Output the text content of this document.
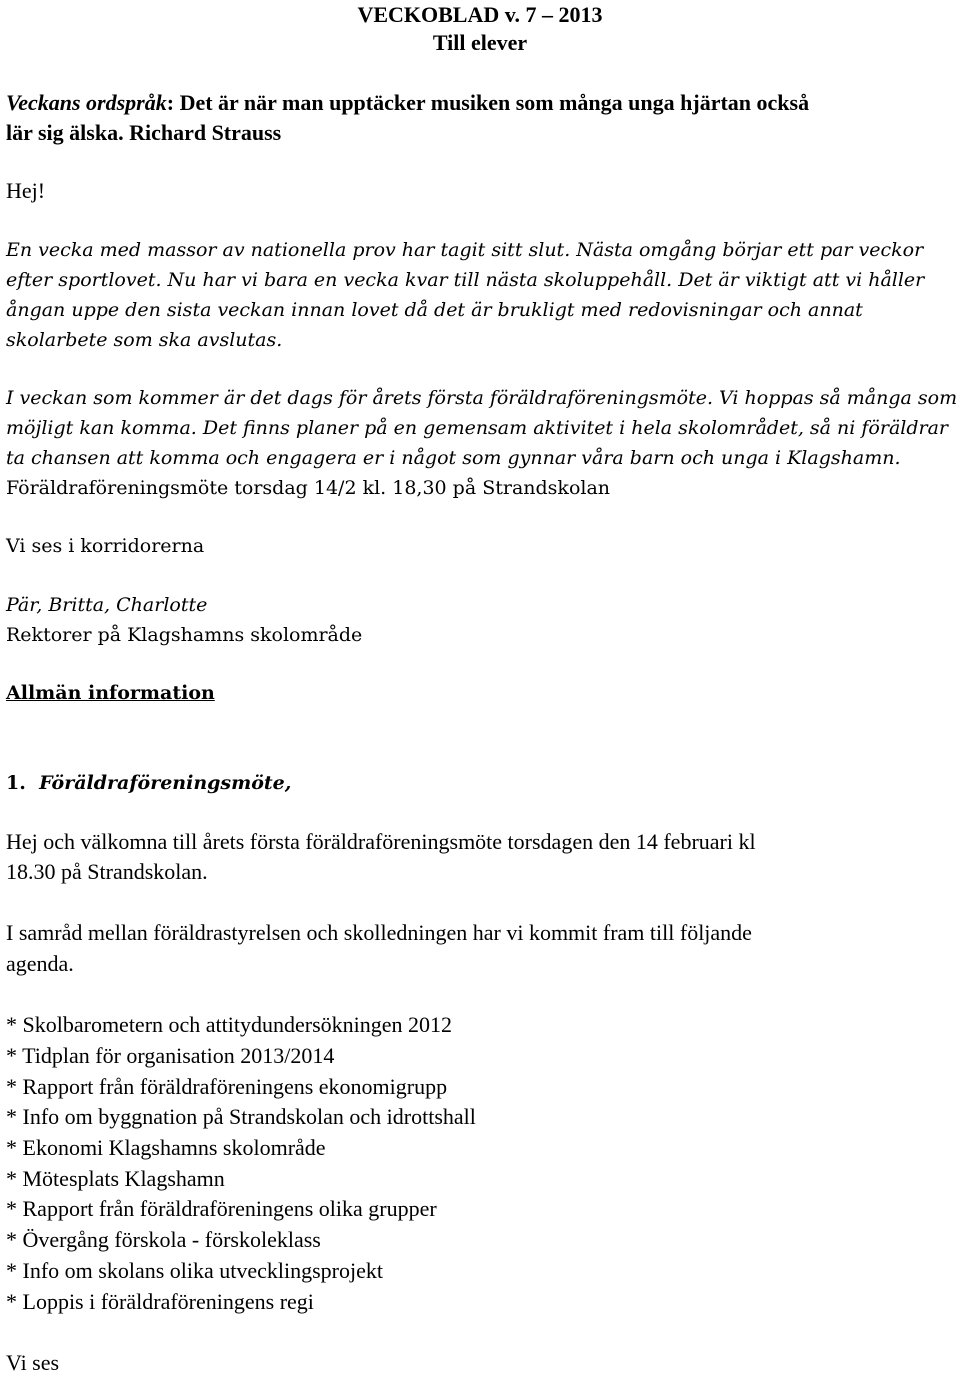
VECKOBLAD v. 7 – 2013

Till elever

Veckans ordspråk: Det är när man upptäcker musiken som många unga hjärtan också

lär sig älska. Richard Strauss

Hej!

En vecka med massor av nationella prov har tagit sitt slut. Nästa omgång börjar ett par veckor

efter sportlovet. Nu har vi bara en vecka kvar till nästa skoluppehåll. Det är viktigt att vi håller

ångan uppe den sista veckan innan lovet då det är brukligt med redovisningar och annat

skolarbete som ska avslutas.

I veckan som kommer är det dags för årets första föräldraföreningsmöte. Vi hoppas så många som

möjligt kan komma. Det finns planer på en gemensam aktivitet i hela skolområdet, så ni föräldrar

ta chansen att komma och engagera er i något som gynnar våra barn och unga i Klagshamn.

Föräldraföreningsmöte torsdag 14/2 kl. 18,30 på Strandskolan

Vi ses i korridorerna

Pär, Britta, Charlotte

Rektorer på Klagshamns skolområde

Allmän information

1. Föräldraföreningsmöte,

Hej och välkomna till årets första föräldraföreningsmöte torsdagen den 14 februari kl

18.30 på Strandskolan.

I samråd mellan föräldrastyrelsen och skolledningen har vi kommit fram till följande

agenda.

* Skolbarometern och attitydundersökningen 2012

* Tidplan för organisation 2013/2014

* Rapport från föräldraföreningens ekonomigrupp

* Info om byggnation på Strandskolan och idrottshall

* Ekonomi Klagshamns skolområde

* Mötesplats Klagshamn

* Rapport från föräldraföreningens olika grupper

* Övergång förskola - förskoleklass

* Info om skolans olika utvecklingsprojekt

* Loppis i föräldraföreningens regi

Vi ses
